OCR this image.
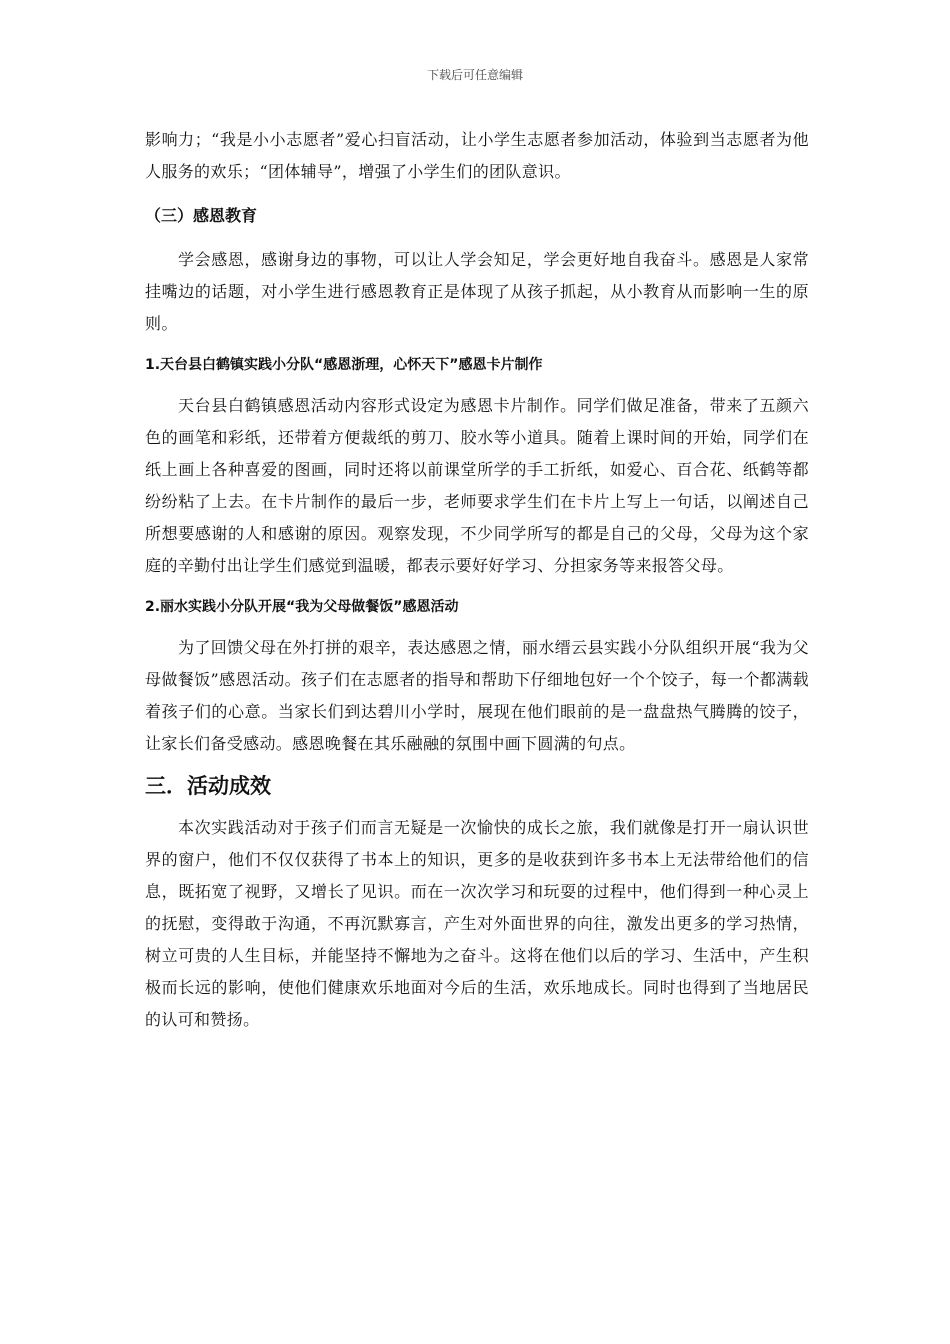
下载后可任意编辑

影响力；“我是小小志愿者”爱心扫盲活动，让小学生志愿者参加活动，体验到当志愿者为他人服务的欢乐；“团体辅导”，增强了小学生们的团队意识。

（三）感恩教育

学会感恩，感谢身边的事物，可以让人学会知足，学会更好地自我奋斗。感恩是人家常挂嘴边的话题，对小学生进行感恩教育正是体现了从孩子抓起，从小教育从而影响一生的原则。

1.天台县白鹤镇实践小分队“感恩浙理，心怀天下”感恩卡片制作

天台县白鹤镇感恩活动内容形式设定为感恩卡片制作。同学们做足准备，带来了五颜六色的画笔和彩纸，还带着方便裁纸的剪刀、胶水等小道具。随着上课时间的开始，同学们在纸上画上各种喜爱的图画，同时还将以前课堂所学的手工折纸，如爱心、百合花、纸鹤等都纷纷粘了上去。在卡片制作的最后一步，老师要求学生们在卡片上写上一句话，以阐述自己所想要感谢的人和感谢的原因。观察发现，不少同学所写的都是自己的父母，父母为这个家庭的辛勤付出让学生们感觉到温暖，都表示要好好学习、分担家务等来报答父母。

2.丽水实践小分队开展“我为父母做餐饭”感恩活动

为了回馈父母在外打拼的艰辛，表达感恩之情，丽水缙云县实践小分队组织开展“我为父母做餐饭”感恩活动。孩子们在志愿者的指导和帮助下仔细地包好一个个饺子，每一个都满载着孩子们的心意。当家长们到达碧川小学时，展现在他们眼前的是一盘盘热气腾腾的饺子，让家长们备受感动。感恩晚餐在其乐融融的氛围中画下圆满的句点。

三．活动成效

本次实践活动对于孩子们而言无疑是一次愉快的成长之旅，我们就像是打开一扇认识世界的窗户，他们不仅仅获得了书本上的知识，更多的是收获到许多书本上无法带给他们的信息，既拓宽了视野，又增长了见识。而在一次次学习和玩耍的过程中，他们得到一种心灵上的抚慰，变得敢于沟通，不再沉默寡言，产生对外面世界的向往，激发出更多的学习热情，树立可贵的人生目标，并能坚持不懈地为之奋斗。这将在他们以后的学习、生活中，产生积极而长远的影响，使他们健康欢乐地面对今后的生活，欢乐地成长。同时也得到了当地居民的认可和赞扬。
